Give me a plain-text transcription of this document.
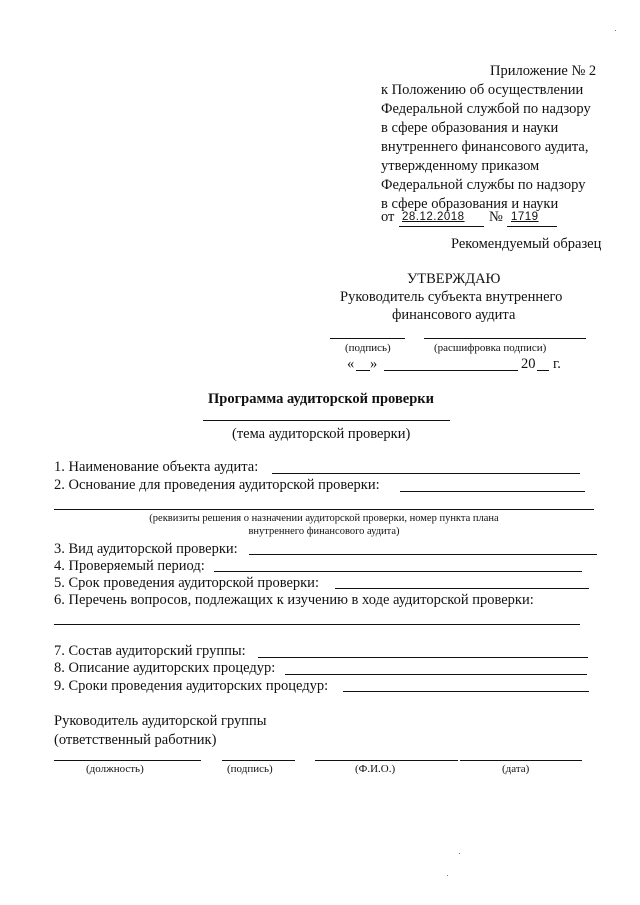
Приложение № 2
к Положению об осуществлении
Федеральной службой по надзору
в сфере образования и науки
внутреннего финансового аудита,
утвержденному приказом
Федеральной службы по надзору
в сфере образования и науки
от 28.12.2018 № 1719
Рекомендуемый образец
УТВЕРЖДАЮ
Руководитель субъекта внутреннего
финансового аудита
(подпись)	(расшифровка подписи)
« »	20 г.
Программа аудиторской проверки
(тема аудиторской проверки)
1. Наименование объекта аудита:
2. Основание для проведения аудиторской проверки:
(реквизиты решения о назначении аудиторской проверки, номер пункта плана
внутреннего финансового аудита)
3. Вид аудиторской проверки:
4. Проверяемый период:
5. Срок проведения аудиторской проверки:
6. Перечень вопросов, подлежащих к изучению в ходе аудиторской проверки:
7. Состав аудиторский группы:
8. Описание аудиторских процедур:
9. Сроки проведения аудиторских процедур:
Руководитель аудиторской группы
(ответственный работник)
(должность)	(подпись)	(Ф.И.О.)	(дата)
